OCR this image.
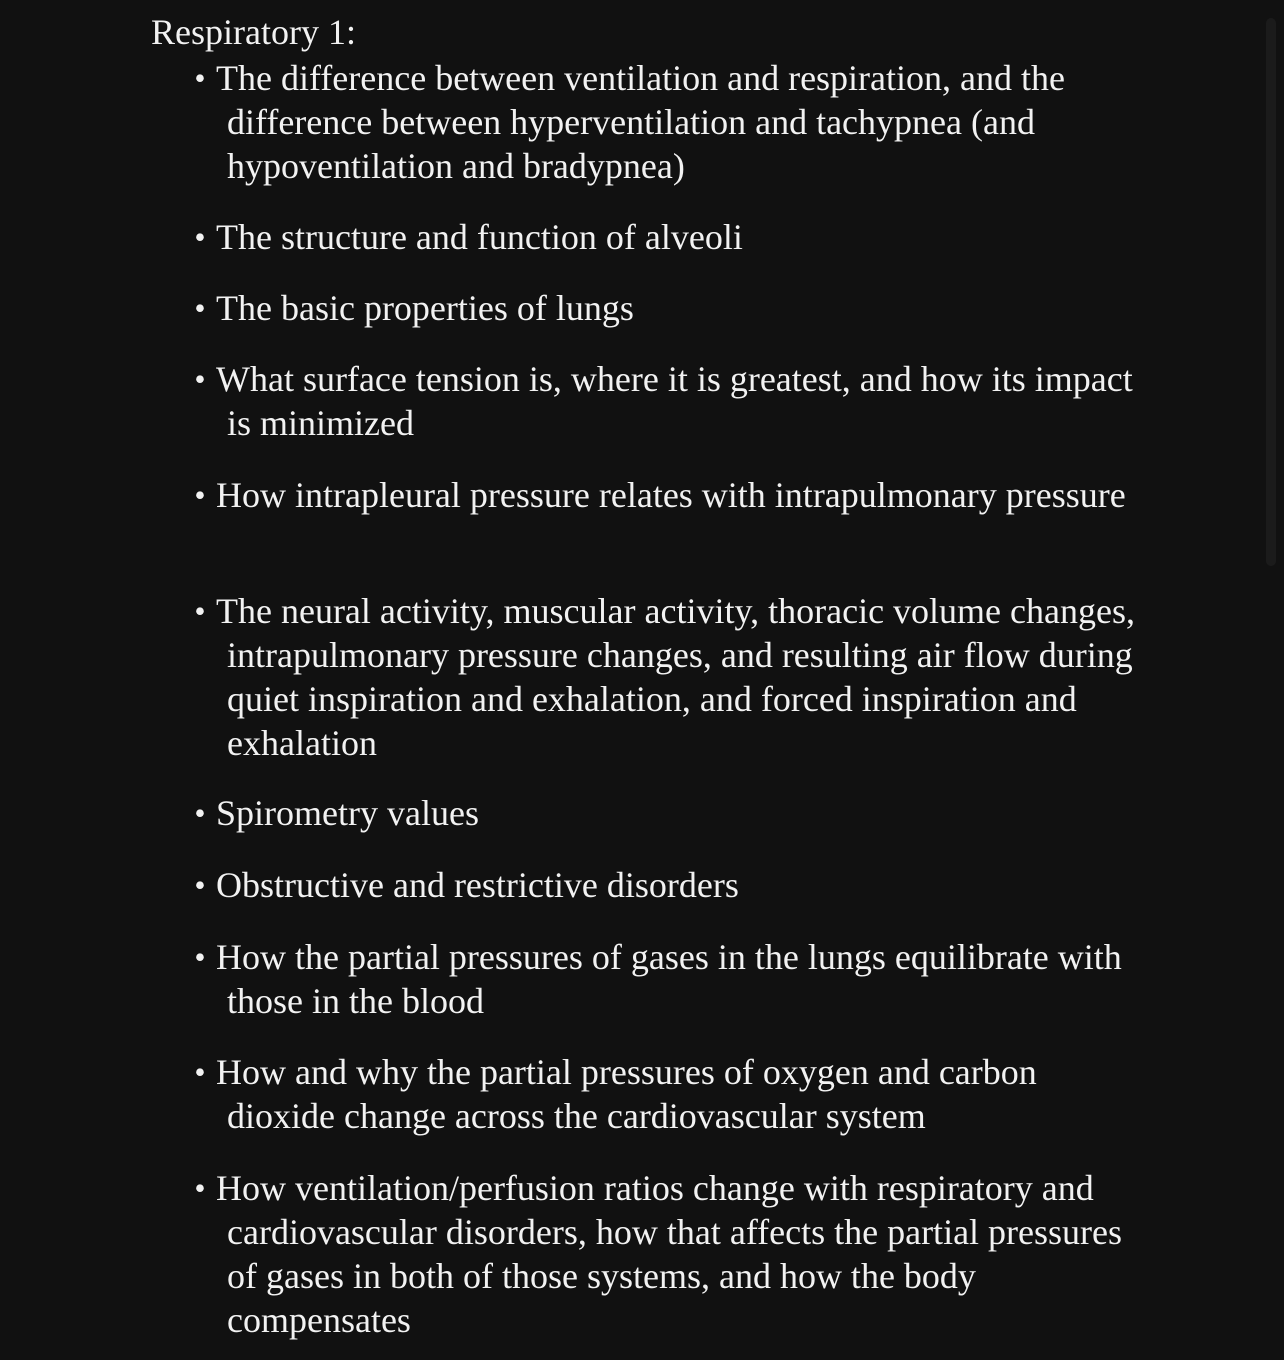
Respiratory 1:
• The difference between ventilation and respiration, and the difference between hyperventilation and tachypnea (and hypoventilation and bradypnea)
• The structure and function of alveoli
• The basic properties of lungs
• What surface tension is, where it is greatest, and how its impact is minimized
• How intrapleural pressure relates with intrapulmonary pressure
• The neural activity, muscular activity, thoracic volume changes, intrapulmonary pressure changes, and resulting air flow during quiet inspiration and exhalation, and forced inspiration and exhalation
• Spirometry values
• Obstructive and restrictive disorders
• How the partial pressures of gases in the lungs equilibrate with those in the blood
• How and why the partial pressures of oxygen and carbon dioxide change across the cardiovascular system
• How ventilation/perfusion ratios change with respiratory and cardiovascular disorders, how that affects the partial pressures of gases in both of those systems, and how the body compensates
